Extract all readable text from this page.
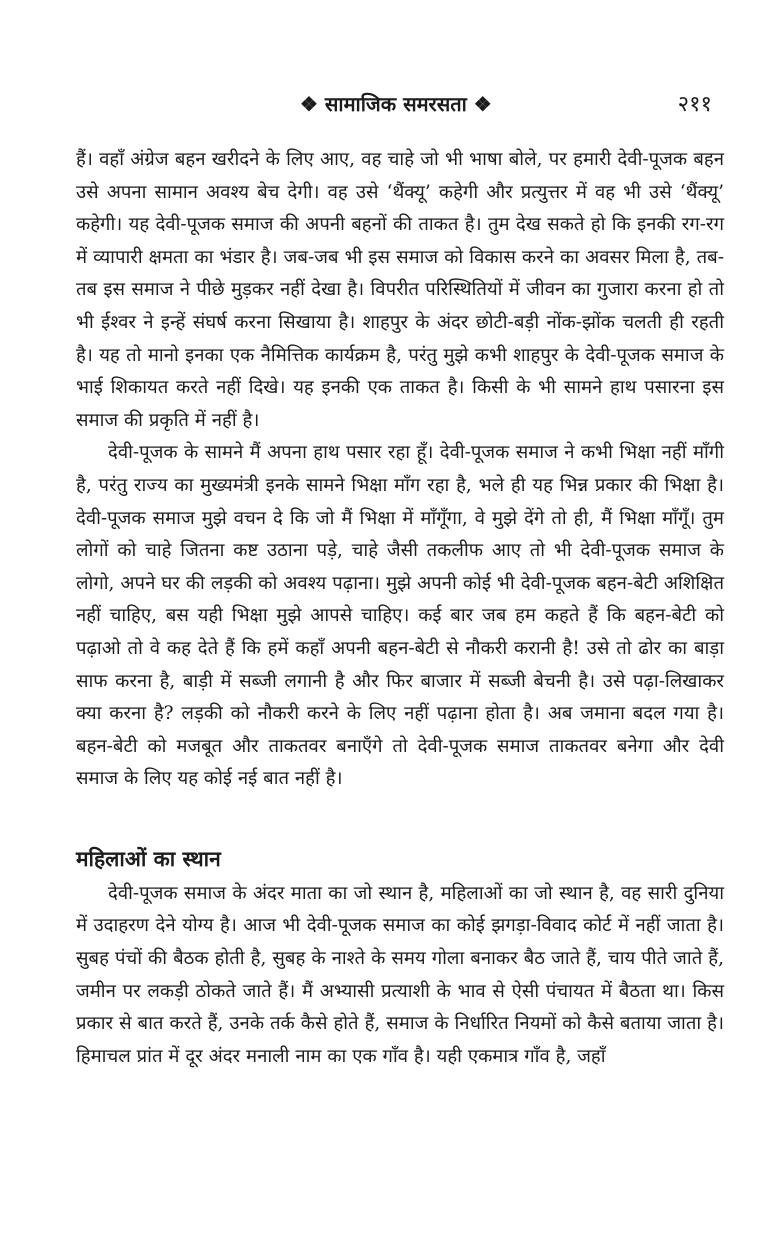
❖ सामाजिक समरसता ❖	२११

हैं। वहाँ अंग्रेज बहन खरीदने के लिए आए, वह चाहे जो भी भाषा बोले, पर हमारी देवी-पूजक बहन उसे अपना सामान अवश्य बेच देगी। वह उसे ‘थैंक्यू’ कहेगी और प्रत्युत्तर में वह भी उसे ‘थैंक्यू’ कहेगी। यह देवी-पूजक समाज की अपनी बहनों की ताकत है। तुम देख सकते हो कि इनकी रग-रग में व्यापारी क्षमता का भंडार है। जब-जब भी इस समाज को विकास करने का अवसर मिला है, तब-तब इस समाज ने पीछे मुड़कर नहीं देखा है। विपरीत परिस्थितियों में जीवन का गुजारा करना हो तो भी ईश्वर ने इन्हें संघर्ष करना सिखाया है। शाहपुर के अंदर छोटी-बड़ी नोंक-झोंक चलती ही रहती है। यह तो मानो इनका एक नैमित्तिक कार्यक्रम है, परंतु मुझे कभी शाहपुर के देवी-पूजक समाज के भाई शिकायत करते नहीं दिखे। यह इनकी एक ताकत है। किसी के भी सामने हाथ पसारना इस समाज की प्रकृति में नहीं है।

देवी-पूजक के सामने मैं अपना हाथ पसार रहा हूँ। देवी-पूजक समाज ने कभी भिक्षा नहीं माँगी है, परंतु राज्य का मुख्यमंत्री इनके सामने भिक्षा माँग रहा है, भले ही यह भिन्न प्रकार की भिक्षा है। देवी-पूजक समाज मुझे वचन दे कि जो मैं भिक्षा में माँगूँगा, वे मुझे देंगे तो ही, मैं भिक्षा माँगूँ। तुम लोगों को चाहे जितना कष्ट उठाना पड़े, चाहे जैसी तकलीफ आए तो भी देवी-पूजक समाज के लोगो, अपने घर की लड़की को अवश्य पढ़ाना। मुझे अपनी कोई भी देवी-पूजक बहन-बेटी अशिक्षित नहीं चाहिए, बस यही भिक्षा मुझे आपसे चाहिए। कई बार जब हम कहते हैं कि बहन-बेटी को पढ़ाओ तो वे कह देते हैं कि हमें कहाँ अपनी बहन-बेटी से नौकरी करानी है! उसे तो ढोर का बाड़ा साफ करना है, बाड़ी में सब्जी लगानी है और फिर बाजार में सब्जी बेचनी है। उसे पढ़ा-लिखाकर क्या करना है? लड़की को नौकरी करने के लिए नहीं पढ़ाना होता है। अब जमाना बदल गया है। बहन-बेटी को मजबूत और ताकतवर बनाएँगे तो देवी-पूजक समाज ताकतवर बनेगा और देवी समाज के लिए यह कोई नई बात नहीं है।

महिलाओं का स्थान

देवी-पूजक समाज के अंदर माता का जो स्थान है, महिलाओं का जो स्थान है, वह सारी दुनिया में उदाहरण देने योग्य है। आज भी देवी-पूजक समाज का कोई झगड़ा-विवाद कोर्ट में नहीं जाता है। सुबह पंचों की बैठक होती है, सुबह के नाश्ते के समय गोला बनाकर बैठ जाते हैं, चाय पीते जाते हैं, जमीन पर लकड़ी ठोकते जाते हैं। मैं अभ्यासी प्रत्याशी के भाव से ऐसी पंचायत में बैठता था। किस प्रकार से बात करते हैं, उनके तर्क कैसे होते हैं, समाज के निर्धारित नियमों को कैसे बताया जाता है। हिमाचल प्रांत में दूर अंदर मनाली नाम का एक गाँव है। यही एकमात्र गाँव है, जहाँ
